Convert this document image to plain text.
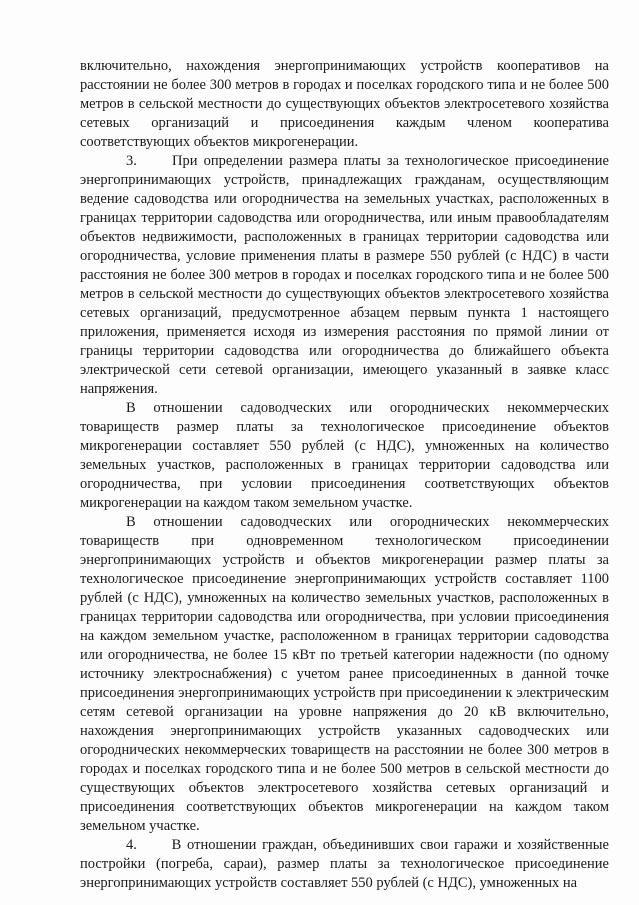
включительно, нахождения энергопринимающих устройств кооперативов на расстоянии не более 300 метров в городах и поселках городского типа и не более 500 метров в сельской местности до существующих объектов электросетевого хозяйства сетевых организаций и присоединения каждым членом кооператива соответствующих объектов микрогенерации.

3.   При определении размера платы за технологическое присоединение энергопринимающих устройств, принадлежащих гражданам, осуществляющим ведение садоводства или огородничества на земельных участках, расположенных в границах территории садоводства или огородничества, или иным правообладателям объектов недвижимости, расположенных в границах территории садоводства или огородничества, условие применения платы в размере 550 рублей (с НДС) в части расстояния не более 300 метров в городах и поселках городского типа и не более 500 метров в сельской местности до существующих объектов электросетевого хозяйства сетевых организаций, предусмотренное абзацем первым пункта 1 настоящего приложения, применяется исходя из измерения расстояния по прямой линии от границы территории садоводства или огородничества до ближайшего объекта электрической сети сетевой организации, имеющего указанный в заявке класс напряжения.

В отношении садоводческих или огороднических некоммерческих товариществ размер платы за технологическое присоединение объектов микрогенерации составляет 550 рублей (с НДС), умноженных на количество земельных участков, расположенных в границах территории садоводства или огородничества, при условии присоединения соответствующих объектов микрогенерации на каждом таком земельном участке.

В отношении садоводческих или огороднических некоммерческих товариществ при одновременном технологическом присоединении энергопринимающих устройств и объектов микрогенерации размер платы за технологическое присоединение энергопринимающих устройств составляет 1100 рублей (с НДС), умноженных на количество земельных участков, расположенных в границах территории садоводства или огородничества, при условии присоединения на каждом земельном участке, расположенном в границах территории садоводства или огородничества, не более 15 кВт по третьей категории надежности (по одному источнику электроснабжения) с учетом ранее присоединенных в данной точке присоединения энергопринимающих устройств при присоединении к электрическим сетям сетевой организации на уровне напряжения до 20 кВ включительно, нахождения энергопринимающих устройств указанных садоводческих или огороднических некоммерческих товариществ на расстоянии не более 300 метров в городах и поселках городского типа и не более 500 метров в сельской местности до существующих объектов электросетевого хозяйства сетевых организаций и присоединения соответствующих объектов микрогенерации на каждом таком земельном участке.

4.   В отношении граждан, объединивших свои гаражи и хозяйственные постройки (погреба, сараи), размер платы за технологическое присоединение энергопринимающих устройств составляет 550 рублей (с НДС), умноженных на
